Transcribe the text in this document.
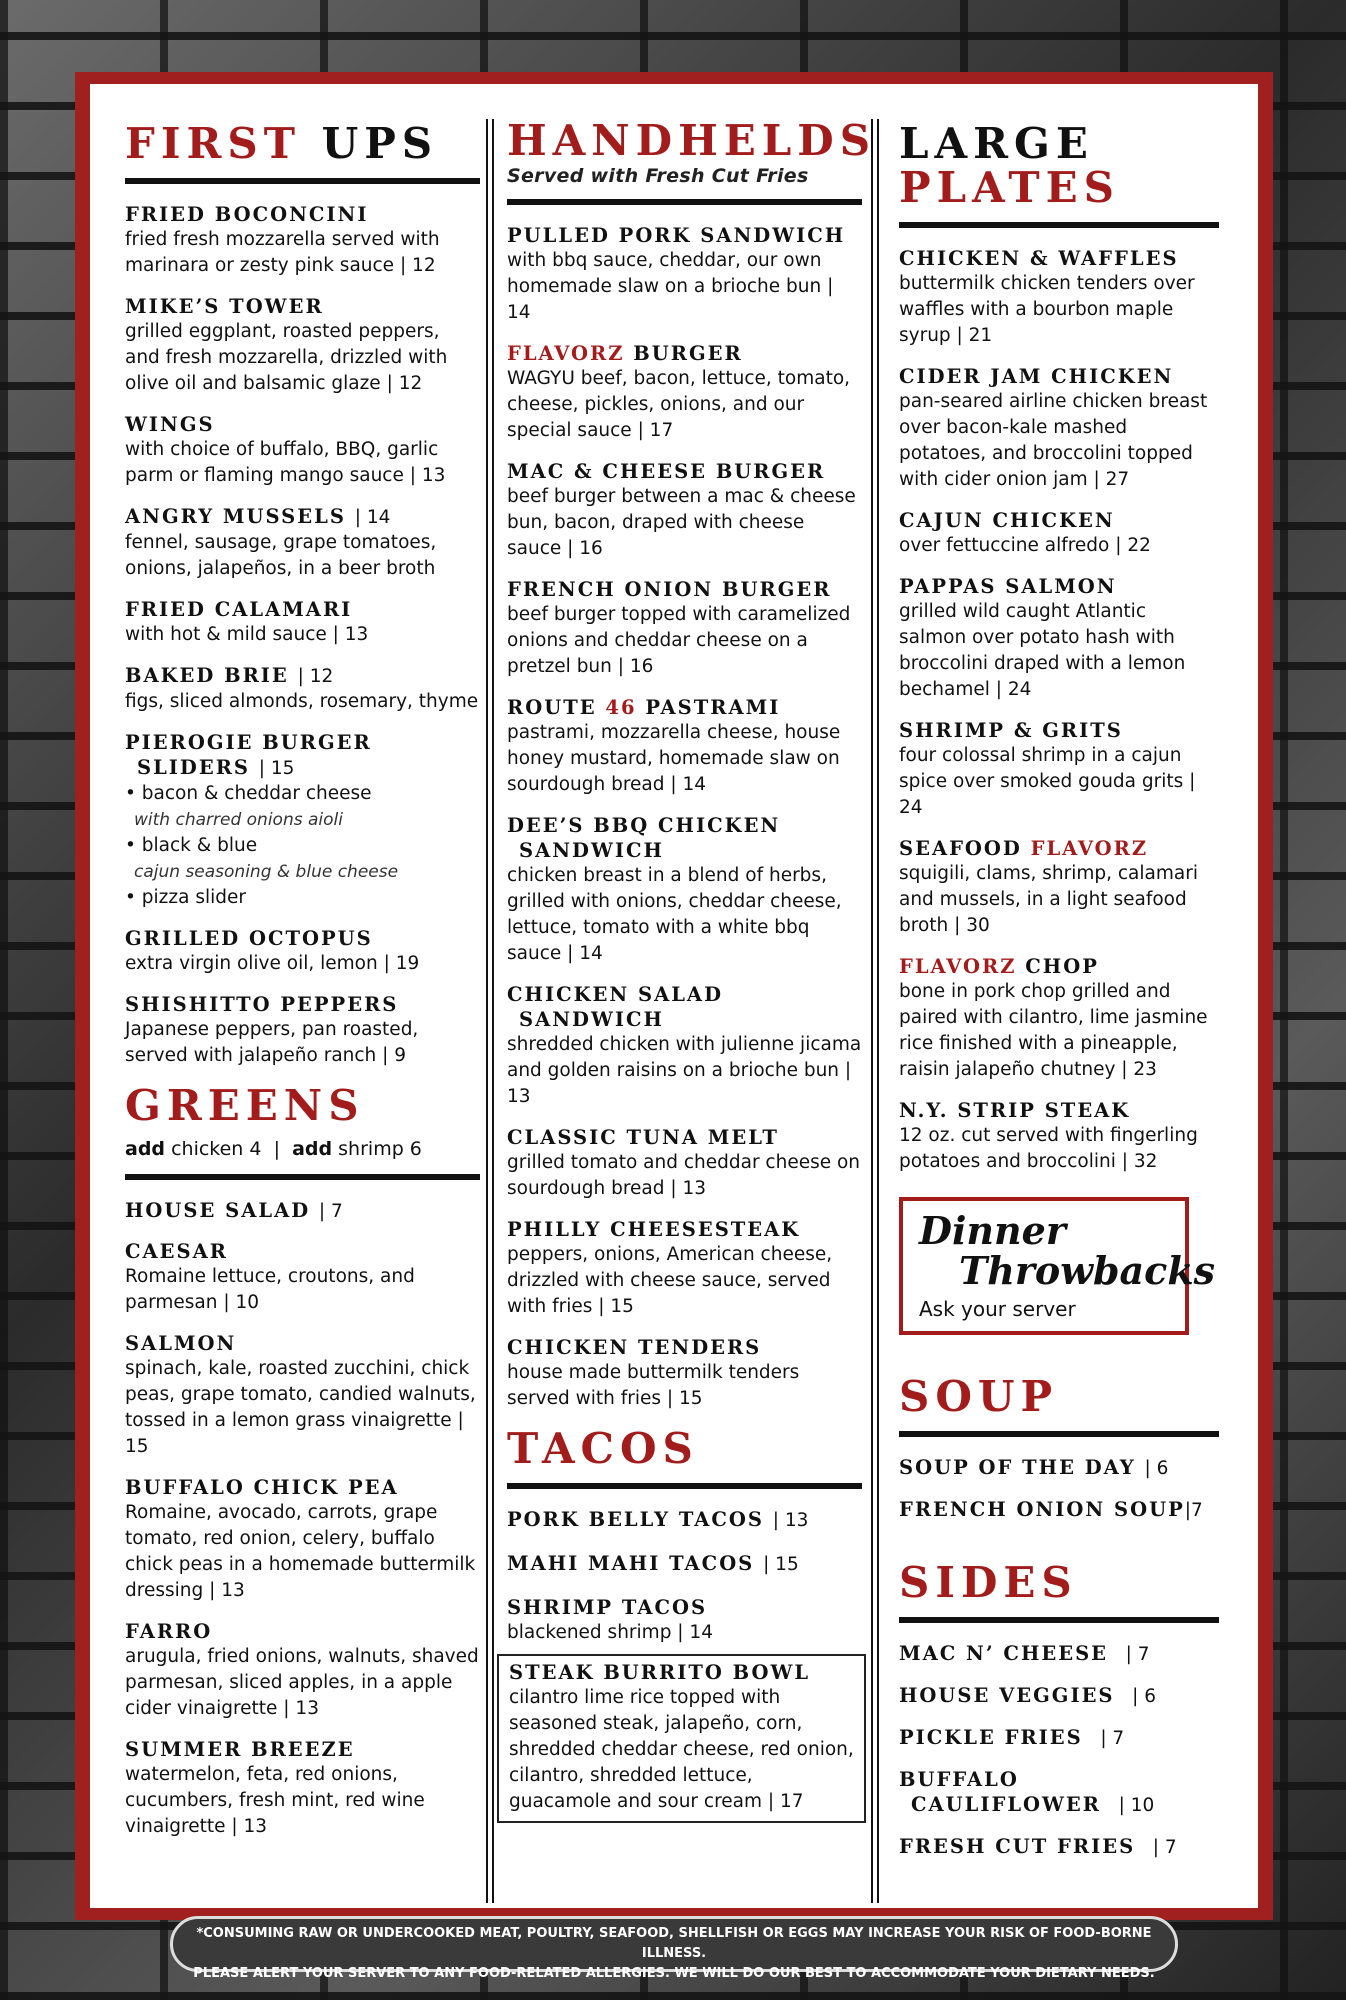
FIRST UPS
FRIED BOCONCINI
fried fresh mozzarella served with marinara or zesty pink sauce | 12
MIKE’S TOWER
grilled eggplant, roasted peppers, and fresh mozzarella, drizzled with olive oil and balsamic glaze | 12
WINGS
with choice of buffalo, BBQ, garlic parm or flaming mango sauce | 13
ANGRY MUSSELS | 14
fennel, sausage, grape tomatoes, onions, jalapeños, in a beer broth
FRIED CALAMARI
with hot & mild sauce | 13
BAKED BRIE | 12
figs, sliced almonds, rosemary, thyme
PIEROGIE BURGER
SLIDERS | 15
• bacon & cheddar cheese
with charred onions aioli
• black & blue
cajun seasoning & blue cheese
• pizza slider
GRILLED OCTOPUS
extra virgin olive oil, lemon | 19
SHISHITTO PEPPERS
Japanese peppers, pan roasted, served with jalapeño ranch | 9
GREENS
add chicken 4 | add shrimp 6
HOUSE SALAD | 7
CAESAR
Romaine lettuce, croutons, and parmesan | 10
SALMON
spinach, kale, roasted zucchini, chick peas, grape tomato, candied walnuts, tossed in a lemon grass vinaigrette | 15
BUFFALO CHICK PEA
Romaine, avocado, carrots, grape tomato, red onion, celery, buffalo chick peas in a homemade buttermilk dressing | 13
FARRO
arugula, fried onions, walnuts, shaved parmesan, sliced apples, in a apple cider vinaigrette | 13
SUMMER BREEZE
watermelon, feta, red onions, cucumbers, fresh mint, red wine vinaigrette | 13
HANDHELDS
Served with Fresh Cut Fries
PULLED PORK SANDWICH
with bbq sauce, cheddar, our own homemade slaw on a brioche bun | 14
FLAVORZ BURGER
WAGYU beef, bacon, lettuce, tomato, cheese, pickles, onions, and our special sauce | 17
MAC & CHEESE BURGER
beef burger between a mac & cheese bun, bacon, draped with cheese sauce | 16
FRENCH ONION BURGER
beef burger topped with caramelized onions and cheddar cheese on a pretzel bun | 16
ROUTE 46 PASTRAMI
pastrami, mozzarella cheese, house honey mustard, homemade slaw on sourdough bread | 14
DEE’S BBQ CHICKEN
SANDWICH
chicken breast in a blend of herbs, grilled with onions, cheddar cheese, lettuce, tomato with a white bbq sauce | 14
CHICKEN SALAD
SANDWICH
shredded chicken with julienne jicama and golden raisins on a brioche bun | 13
CLASSIC TUNA MELT
grilled tomato and cheddar cheese on sourdough bread | 13
PHILLY CHEESESTEAK
peppers, onions, American cheese, drizzled with cheese sauce, served with fries | 15
CHICKEN TENDERS
house made buttermilk tenders served with fries | 15
TACOS
PORK BELLY TACOS | 13
MAHI MAHI TACOS | 15
SHRIMP TACOS
blackened shrimp | 14
STEAK BURRITO BOWL
cilantro lime rice topped with seasoned steak, jalapeño, corn, shredded cheddar cheese, red onion, cilantro, shredded lettuce, guacamole and sour cream | 17
LARGE
PLATES
CHICKEN & WAFFLES
buttermilk chicken tenders over waffles with a bourbon maple syrup | 21
CIDER JAM CHICKEN
pan-seared airline chicken breast over bacon-kale mashed potatoes, and broccolini topped with cider onion jam | 27
CAJUN CHICKEN
over fettuccine alfredo | 22
PAPPAS SALMON
grilled wild caught Atlantic salmon over potato hash with broccolini draped with a lemon bechamel | 24
SHRIMP & GRITS
four colossal shrimp in a cajun spice over smoked gouda grits | 24
SEAFOOD FLAVORZ
squigili, clams, shrimp, calamari and mussels, in a light seafood broth | 30
FLAVORZ CHOP
bone in pork chop grilled and paired with cilantro, lime jasmine rice finished with a pineapple, raisin jalapeño chutney | 23
N.Y. STRIP STEAK
12 oz. cut served with fingerling potatoes and broccolini | 32
Dinner
Throwbacks
Ask your server
SOUP
SOUP OF THE DAY | 6
FRENCH ONION SOUP|7
SIDES
MAC N’ CHEESE | 7
HOUSE VEGGIES | 6
PICKLE FRIES | 7
BUFFALO
CAULIFLOWER | 10
FRESH CUT FRIES | 7
*CONSUMING RAW OR UNDERCOOKED MEAT, POULTRY, SEAFOOD, SHELLFISH OR EGGS MAY INCREASE YOUR RISK OF FOOD-BORNE ILLNESS.
PLEASE ALERT YOUR SERVER TO ANY FOOD-RELATED ALLERGIES. WE WILL DO OUR BEST TO ACCOMMODATE YOUR DIETARY NEEDS.
